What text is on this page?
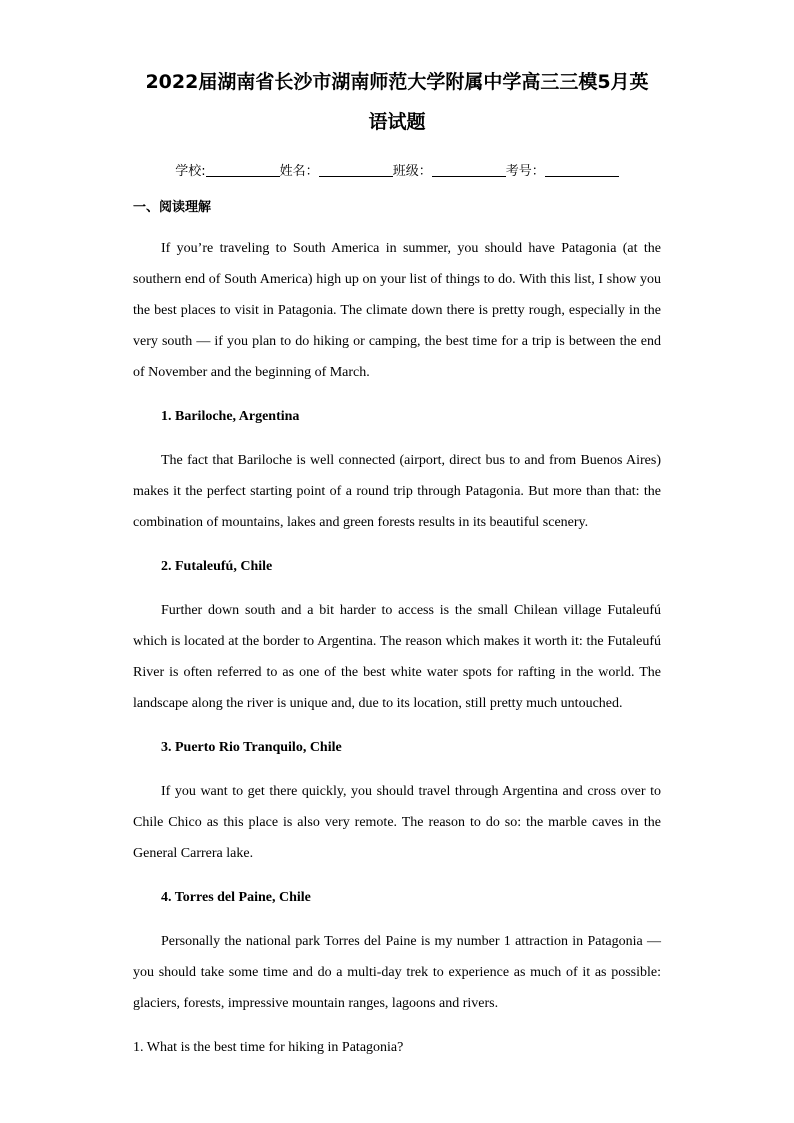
2022届湖南省长沙市湖南师范大学附属中学高三三模5月英
语试题
学校:	姓名：	班级：	考号：
一、阅读理解

If you’re traveling to South America in summer, you should have Patagonia (at the southern end of South America) high up on your list of things to do. With this list, I show you the best places to visit in Patagonia. The climate down there is pretty rough, especially in the very south — if you plan to do hiking or camping, the best time for a trip is between the end of November and the beginning of March.

1. Bariloche, Argentina

The fact that Bariloche is well connected (airport, direct bus to and from Buenos Aires) makes it the perfect starting point of a round trip through Patagonia. But more than that: the combination of mountains, lakes and green forests results in its beautiful scenery.

2. Futaleufú, Chile

Further down south and a bit harder to access is the small Chilean village Futaleufú which is located at the border to Argentina. The reason which makes it worth it: the Futaleufú River is often referred to as one of the best white water spots for rafting in the world. The landscape along the river is unique and, due to its location, still pretty much untouched.

3. Puerto Rio Tranquilo, Chile

If you want to get there quickly, you should travel through Argentina and cross over to Chile Chico as this place is also very remote. The reason to do so: the marble caves in the General Carrera lake.

4. Torres del Paine, Chile

Personally the national park Torres del Paine is my number 1 attraction in Patagonia — you should take some time and do a multi-day trek to experience as much of it as possible: glaciers, forests, impressive mountain ranges, lagoons and rivers.

1. What is the best time for hiking in Patagonia?
